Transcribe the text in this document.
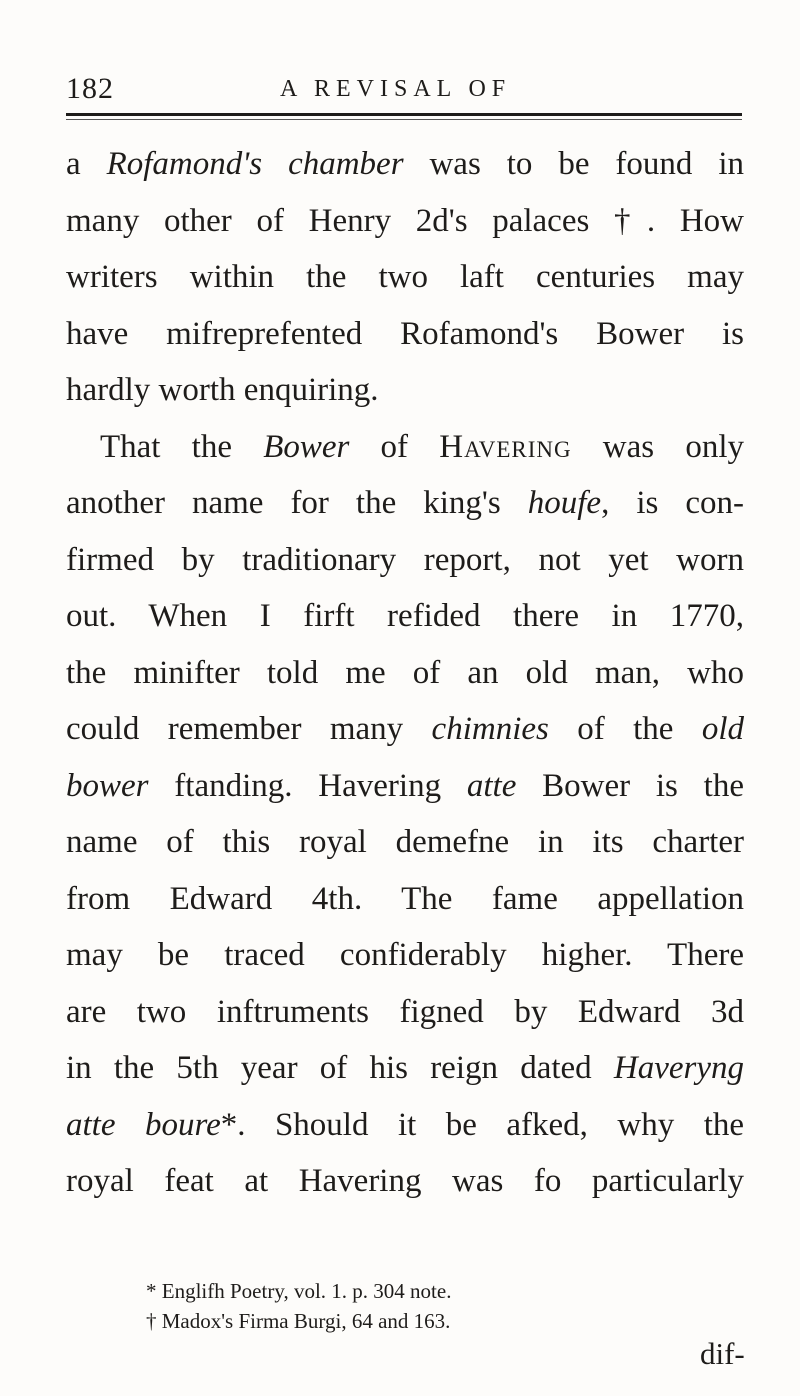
182	A REVISAL OF
a Rofamond's chamber was to be found in
many other of Henry 2d's palaces †. How
writers within the two laft centuries may
have mifreprefented Rofamond's Bower is
hardly worth enquiring.
That the Bower of Havering was only
another name for the king's houfe, is con-
firmed by traditionary report, not yet worn
out. When I firft refided there in 1770,
the minifter told me of an old man, who
could remember many chimnies of the old
bower ftanding. Havering atte Bower is the
name of this royal demefne in its charter
from Edward 4th. The fame appellation
may be traced confiderably higher. There
are two inftruments figned by Edward 3d
in the 5th year of his reign dated Haveryng
atte boure*. Should it be afked, why the
royal feat at Havering was fo particularly
* Englifh Poetry, vol. 1. p. 304 note.
† Madox's Firma Burgi, 64 and 163.
dif-
